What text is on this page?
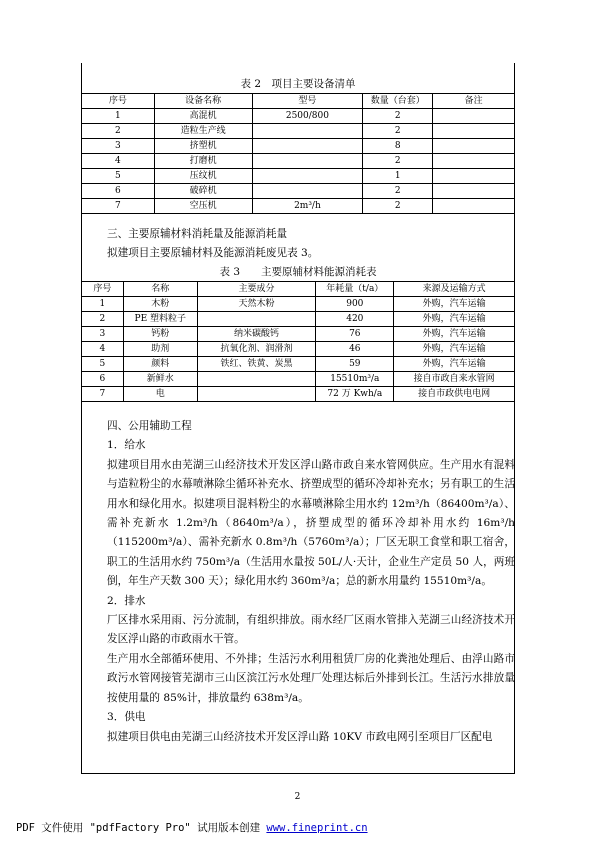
表 2　项目主要设备清单
序号	设备名称	型号	数量（台套）	备注
1	高混机	2500/800	2	
2	造粒生产线		2	
3	挤塑机		8	
4	打磨机		2	
5	压纹机		1	
6	破碎机		2	
7	空压机	2m³/h	2	

三、主要原辅材料消耗量及能源消耗量

拟建项目主要原辅材料及能源消耗废见表 3。

表 3　　主要原辅材料能源消耗表
序号	名称	主要成分	年耗量（t/a）	来源及运输方式
1	木粉	天然木粉	900	外购，汽车运输
2	PE 塑料粒子		420	外购，汽车运输
3	钙粉	纳米碳酸钙	76	外购，汽车运输
4	助剂	抗氧化剂、润滑剂	46	外购，汽车运输
5	颜料	铁红、铁黄、炭黑	59	外购，汽车运输
6	新鲜水		15510m³/a	接自市政自来水管网
7	电		72 万 Kwh/a	接自市政供电电网

四、公用辅助工程

1．给水

拟建项目用水由芜湖三山经济技术开发区浮山路市政自来水管网供应。生产用水有混料与造粒粉尘的水幕喷淋除尘循环补充水、挤塑成型的循环冷却补充水；另有职工的生活用水和绿化用水。拟建项目混料粉尘的水幕喷淋除尘用水约 12m³/h（86400m³/a）、需补充新水 1.2m³/h（8640m³/a），挤塑成型的循环冷却补用水约 16m³/h（115200m³/a）、需补充新水 0.8m³/h（5760m³/a）；厂区无职工食堂和职工宿舍，职工的生活用水约 750m³/a（生活用水量按 50L/人·天计，企业生产定员 50 人，两班倒，年生产天数 300 天）；绿化用水约 360m³/a；总的新水用量约 15510m³/a。

2．排水

厂区排水采用雨、污分流制，有组织排放。雨水经厂区雨水管排入芜湖三山经济技术开发区浮山路的市政雨水干管。

生产用水全部循环使用、不外排；生活污水利用租赁厂房的化粪池处理后、由浮山路市政污水管网接管芜湖市三山区滨江污水处理厂处理达标后外排到长江。生活污水排放量按使用量的 85%计，排放量约 638m³/a。

3．供电

拟建项目供电由芜湖三山经济技术开发区浮山路 10KV 市政电网引至项目厂区配电

2
PDF 文件使用 "pdfFactory Pro" 试用版本创建 www.fineprint.cn
